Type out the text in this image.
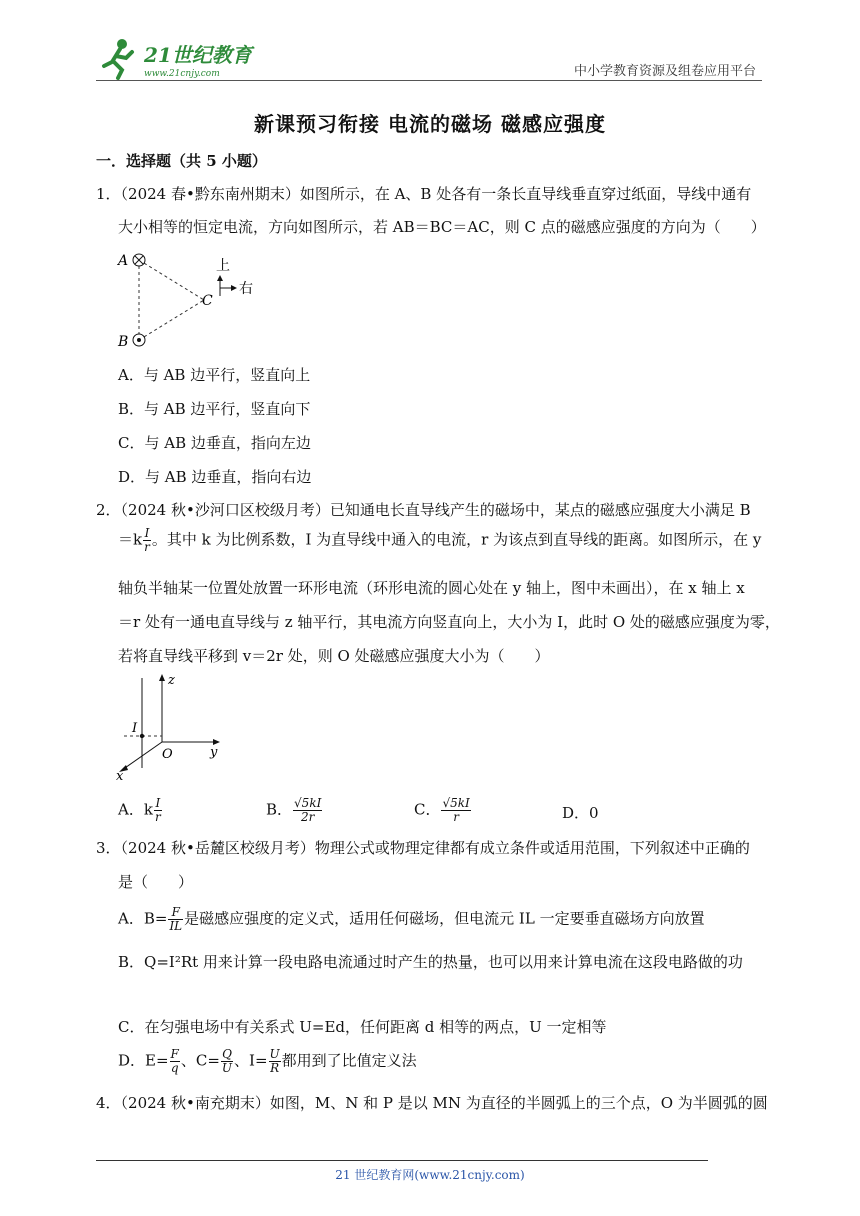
21世纪教育
www.21cnjy.com	中小学教育资源及组卷应用平台
新课预习衔接 电流的磁场 磁感应强度
一．选择题（共 5 小题）
1．（2024 春•黔东南州期末）如图所示，在 A、B 处各有一条长直导线垂直穿过纸面，导线中通有
大小相等的恒定电流，方向如图所示，若 AB＝BC＝AC，则 C 点的磁感应强度的方向为（　　）
A
B
C
上
右
A．与 AB 边平行，竖直向上
B．与 AB 边平行，竖直向下
C．与 AB 边垂直，指向左边
D．与 AB 边垂直，指向右边
2．（2024 秋•沙河口区校级月考）已知通电长直导线产生的磁场中，某点的磁感应强度大小满足 B
$=k \frac{I}{r}$ 。其中 k 为比例系数，I 为直导线中通入的电流，r 为该点到直导线的距离。如图所示，在 y
轴负半轴某一位置处放置一环形电流（环形电流的圆心处在 y 轴上，图中未画出），在 x 轴上 x
＝r 处有一通电直导线与 z 轴平行，其电流方向竖直向上，大小为 I，此时 O 处的磁感应强度为零，
若将直导线平移到 v＝2r 处，则 O 处磁感应强度大小为（　　）
z
y
x
O
I
A．k $\frac{I}{r}$	B． $\frac{√5kI}{2r}$	C． $\frac{√5kI}{r}$	D．0
3．（2024 秋•岳麓区校级月考）物理公式或物理定律都有成立条件或适用范围，下列叙述中正确的
是（　　）
A．$B= \frac{F}{IL}$ 是磁感应强度的定义式，适用任何磁场，但电流元 IL 一定要垂直磁场方向放置
B．Q=I²Rt 用来计算一段电路电流通过时产生的热量，也可以用来计算电流在这段电路做的功
C．在匀强电场中有关系式 U=Ed，任何距离 d 相等的两点，U 一定相等
D．$E= \frac{F}{q}$ 、$C= \frac{Q}{U}$ 、$I= \frac{U}{R}$ 都用到了比值定义法
4．（2024 秋•南充期末）如图，M、N 和 P 是以 MN 为直径的半圆弧上的三个点，O 为半圆弧的圆
21 世纪教育网(www.21cnjy.com)
